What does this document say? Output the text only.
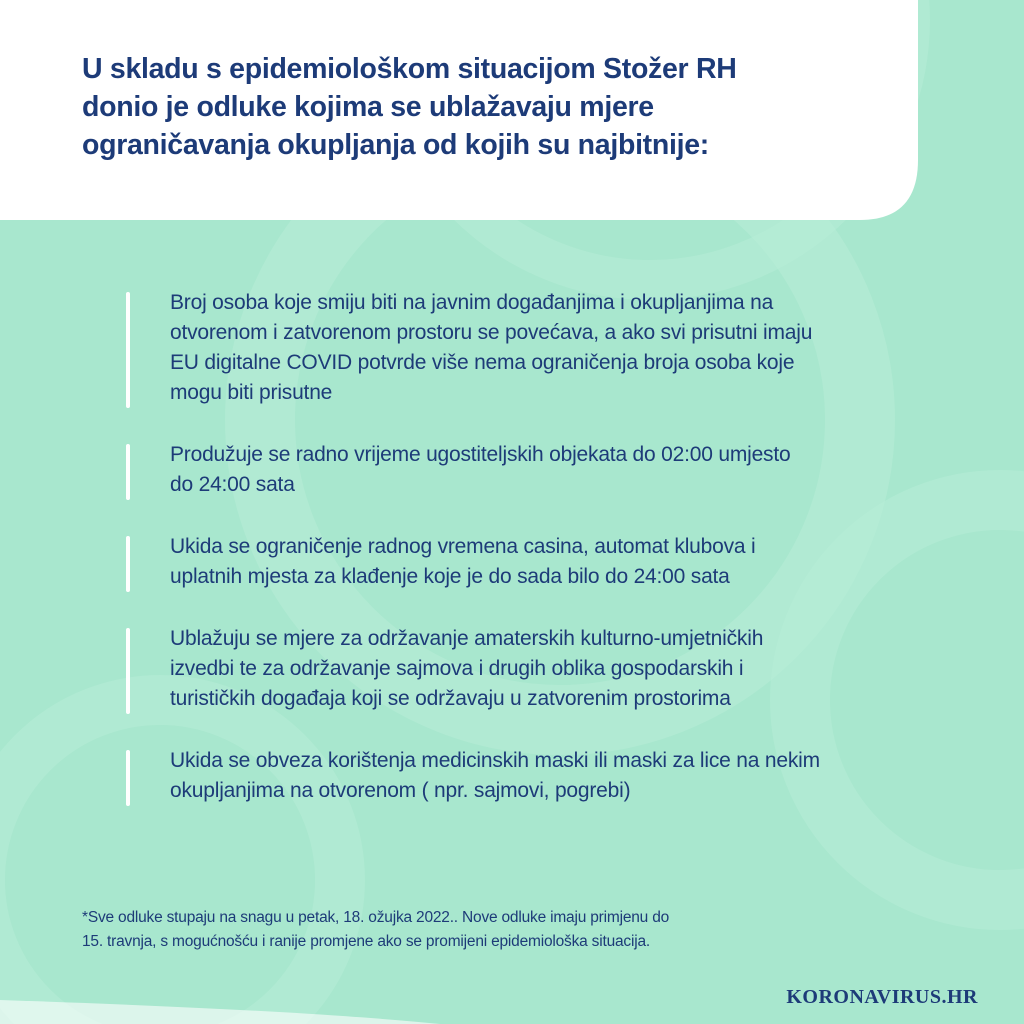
U skladu s epidemiološkom situacijom Stožer RH
donio je odluke kojima se ublažavaju mjere
ograničavanja okupljanja od kojih su najbitnije:
Broj osoba koje smiju biti na javnim događanjima i okupljanjima na
otvorenom i zatvorenom prostoru se povećava, a ako svi prisutni imaju
EU digitalne COVID potvrde više nema ograničenja broja osoba koje
mogu biti prisutne
Produžuje se radno vrijeme ugostiteljskih objekata do 02:00 umjesto
do 24:00 sata
Ukida se ograničenje radnog vremena casina, automat klubova i
uplatnih mjesta za klađenje koje je do sada bilo do 24:00 sata
Ublažuju se mjere za održavanje amaterskih kulturno-umjetničkih
izvedbi te za održavanje sajmova i drugih oblika gospodarskih i
turističkih događaja koji se održavaju u zatvorenim prostorima
Ukida se obveza korištenja medicinskih maski ili maski za lice na nekim
okupljanjima na otvorenom ( npr. sajmovi, pogrebi)
*Sve odluke stupaju na snagu u petak, 18. ožujka 2022.. Nove odluke imaju primjenu do
15. travnja, s mogućnošću i ranije promjene ako se promijeni epidemiološka situacija.
KORONAVIRUS.HR
